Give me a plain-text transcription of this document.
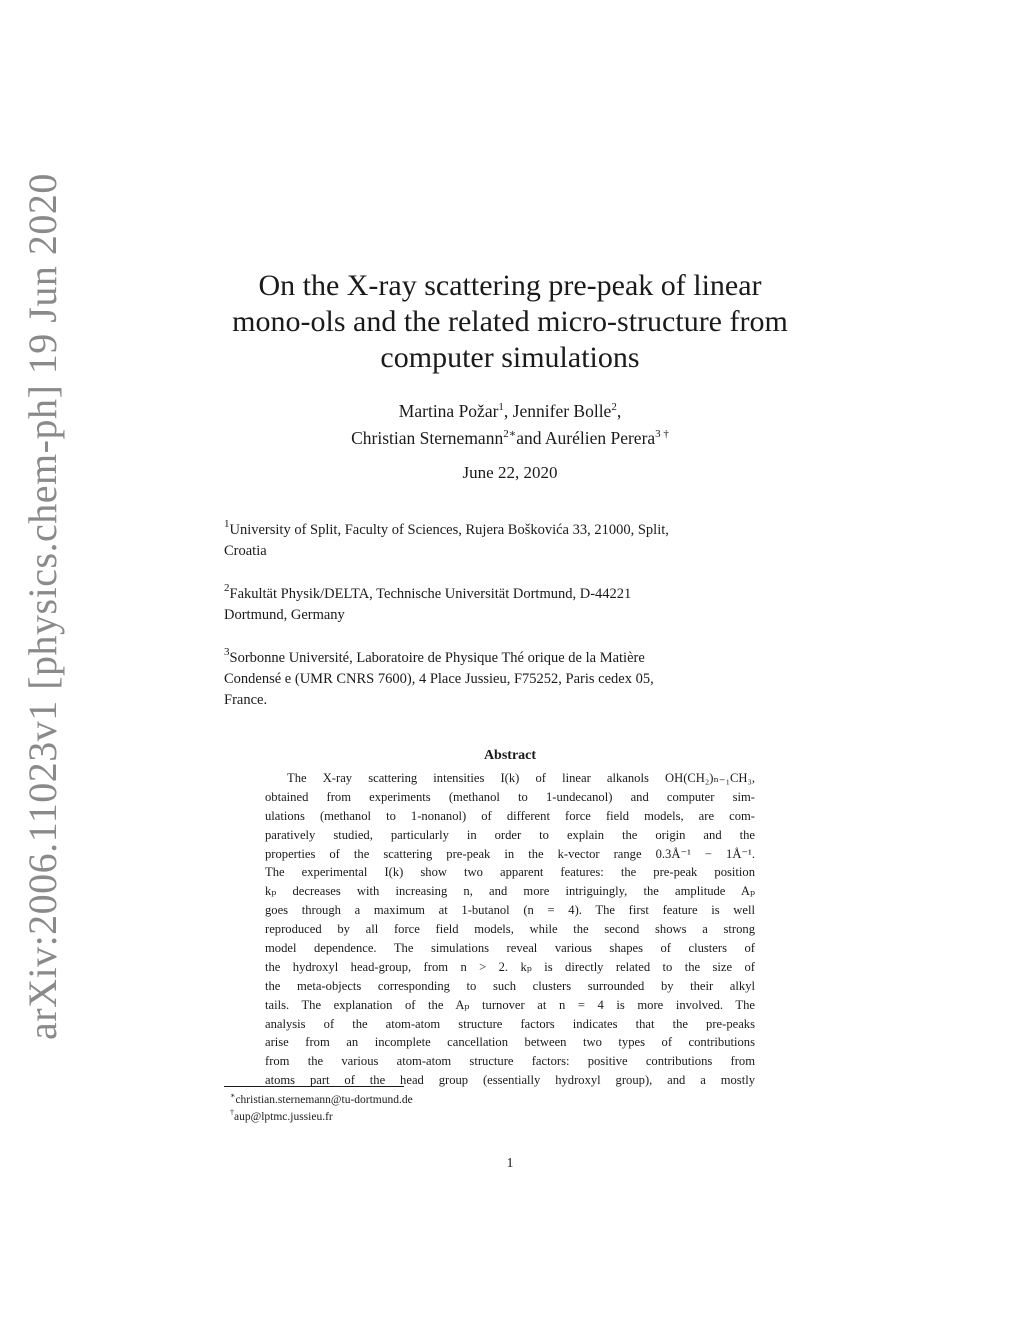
arXiv:2006.11023v1 [physics.chem-ph] 19 Jun 2020	On the X-ray scattering pre-peak of linear
mono-ols and the related micro-structure from
computer simulations
Martina Požar$^1$, Jennifer Bolle$^2$,
Christian Sternemann$^{2∗}$and Aurélien Perera$^{3 \dagger}$
June 22, 2020
$^1$University of Split, Faculty of Sciences, Rujera Boškovića 33, 21000, Split,
Croatia
$^2$Fakultät Physik/DELTA, Technische Universität Dortmund, D-44221
Dortmund, Germany
$^3$Sorbonne Université, Laboratoire de Physique Thé orique de la Matière
Condensé e (UMR CNRS 7600), 4 Place Jussieu, F75252, Paris cedex 05,
France.
Abstract
The X-ray scattering intensities I(k) of linear alkanols OH(CH₂)ₙ₋₁CH₃,
obtained from experiments (methanol to 1-undecanol) and computer sim-
ulations (methanol to 1-nonanol) of different force field models, are com-
paratively studied, particularly in order to explain the origin and the
properties of the scattering pre-peak in the k-vector range 0.3Å⁻¹ − 1Å⁻¹.
The experimental I(k) show two apparent features: the pre-peak position
kₚ decreases with increasing n, and more intriguingly, the amplitude Aₚ
goes through a maximum at 1-butanol (n = 4). The first feature is well
reproduced by all force field models, while the second shows a strong
model dependence. The simulations reveal various shapes of clusters of
the hydroxyl head-group, from n > 2. kₚ is directly related to the size of
the meta-objects corresponding to such clusters surrounded by their alkyl
tails. The explanation of the Aₚ turnover at n = 4 is more involved. The
analysis of the atom-atom structure factors indicates that the pre-peaks
arise from an incomplete cancellation between two types of contributions
from the various atom-atom structure factors: positive contributions from
atoms part of the head group (essentially hydroxyl group), and a mostly
∗christian.sternemann@tu-dortmund.de
†aup@lptmc.jussieu.fr
1
